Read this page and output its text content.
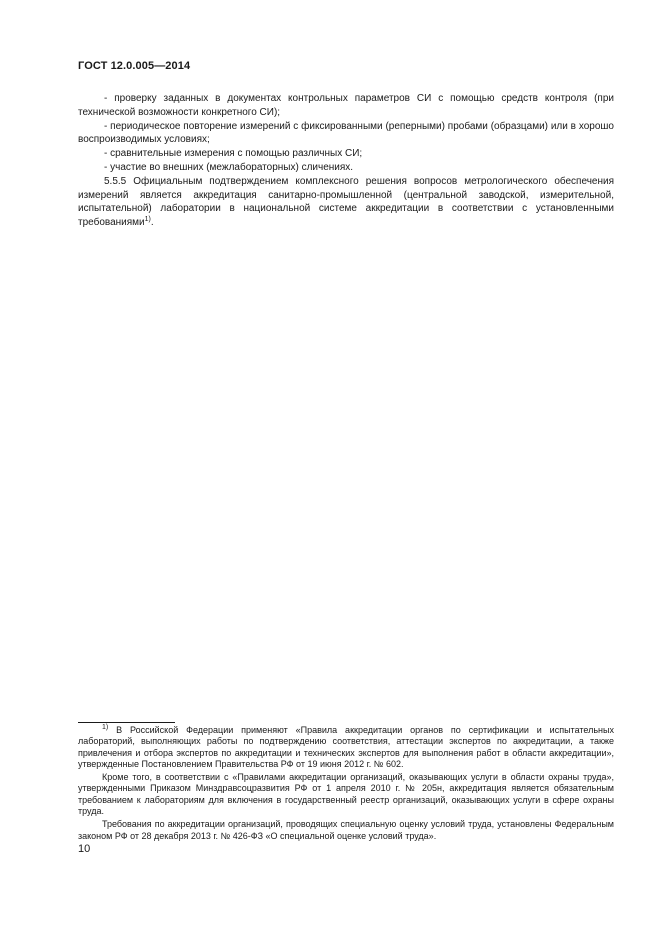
ГОСТ 12.0.005—2014

- проверку заданных в документах контрольных параметров СИ с помощью средств контроля (при технической возможности конкретного СИ);

- периодическое повторение измерений с фиксированными (реперными) пробами (образцами) или в хорошо воспроизводимых условиях;

- сравнительные измерения с помощью различных СИ;

- участие во внешних (межлабораторных) сличениях.

5.5.5 Официальным подтверждением комплексного решения вопросов метрологического обеспечения измерений является аккредитация санитарно-промышленной (центральной заводской, измерительной, испытательной) лаборатории в национальной системе аккредитации в соответствии с установленными требованиями$^{1)}$.

$^{1)}$ В Российской Федерации применяют «Правила аккредитации органов по сертификации и испытательных лабораторий, выполняющих работы по подтверждению соответствия, аттестации экспертов по аккредитации, а также привлечения и отбора экспертов по аккредитации и технических экспертов для выполнения работ в области аккредитации», утвержденные Постановлением Правительства РФ от 19 июня 2012 г. № 602.

Кроме того, в соответствии с «Правилами аккредитации организаций, оказывающих услуги в области охраны труда», утвержденными Приказом Минздравсоцразвития РФ от 1 апреля 2010 г. № 205н, аккредитация является обязательным требованием к лабораториям для включения в государственный реестр организаций, оказывающих услуги в сфере охраны труда.

Требования по аккредитации организаций, проводящих специальную оценку условий труда, установлены Федеральным законом РФ от 28 декабря 2013 г. № 426-ФЗ «О специальной оценке условий труда».

10
